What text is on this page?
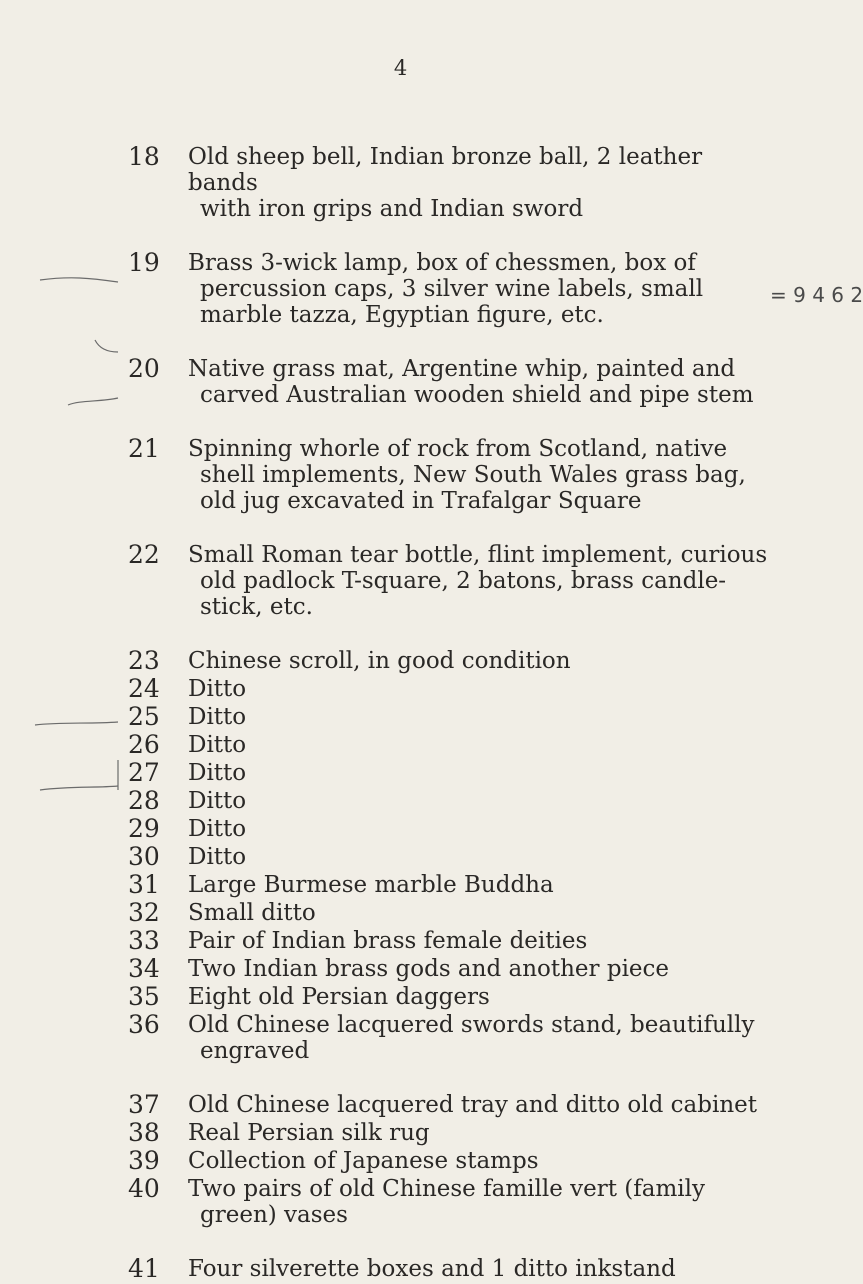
4
18	Old sheep bell, Indian bronze ball, 2 leather bands
with iron grips and Indian sword
19	Brass 3-wick lamp, box of chessmen, box of
percussion caps, 3 silver wine labels, small
marble tazza, Egyptian figure, etc.
20	Native grass mat, Argentine whip, painted and
carved Australian wooden shield and pipe stem
21	Spinning whorle of rock from Scotland, native
shell implements, New South Wales grass bag,
old jug excavated in Trafalgar Square
22	Small Roman tear bottle, flint implement, curious
old padlock T-square, 2 batons, brass candle-
stick, etc.
23	Chinese scroll, in good condition
24	Ditto
25	Ditto
26	Ditto
27	Ditto
28	Ditto
29	Ditto
30	Ditto
31	Large Burmese marble Buddha
32	Small ditto
33	Pair of Indian brass female deities
34	Two Indian brass gods and another piece
35	Eight old Persian daggers
36	Old Chinese lacquered swords stand, beautifully
engraved
37	Old Chinese lacquered tray and ditto old cabinet
38	Real Persian silk rug
39	Collection of Japanese stamps
40	Two pairs of old Chinese famille vert (family
green) vases
41	Four silverette boxes and 1 ditto inkstand
= 9 4 6 2
